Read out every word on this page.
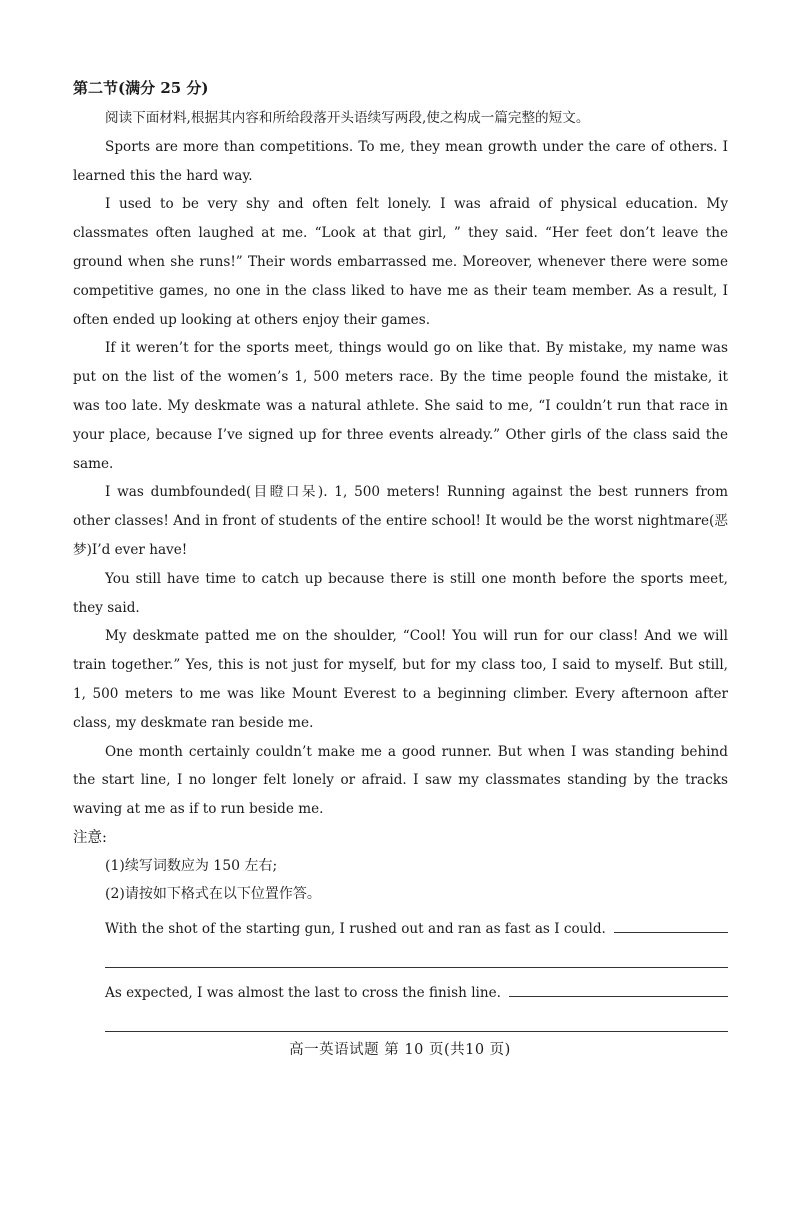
第二节(满分 25 分)

阅读下面材料,根据其内容和所给段落开头语续写两段,使之构成一篇完整的短文。

Sports are more than competitions. To me, they mean growth under the care of others. I learned this the hard way.

I used to be very shy and often felt lonely. I was afraid of physical education. My classmates often laughed at me. “Look at that girl, ” they said. “Her feet don’t leave the ground when she runs!” Their words embarrassed me. Moreover, whenever there were some competitive games, no one in the class liked to have me as their team member. As a result, I often ended up looking at others enjoy their games.

If it weren’t for the sports meet, things would go on like that. By mistake, my name was put on the list of the women’s 1, 500 meters race. By the time people found the mistake, it was too late. My deskmate was a natural athlete. She said to me, “I couldn’t run that race in your place, because I’ve signed up for three events already.” Other girls of the class said the same.

I was dumbfounded(目瞪口呆). 1, 500 meters! Running against the best runners from other classes! And in front of students of the entire school! It would be the worst nightmare(恶梦)I’d ever have!

You still have time to catch up because there is still one month before the sports meet, they said.

My deskmate patted me on the shoulder, “Cool! You will run for our class! And we will train together.” Yes, this is not just for myself, but for my class too, I said to myself. But still, 1, 500 meters to me was like Mount Everest to a beginning climber. Every afternoon after class, my deskmate ran beside me.

One month certainly couldn’t make me a good runner. But when I was standing behind the start line, I no longer felt lonely or afraid. I saw my classmates standing by the tracks waving at me as if to run beside me.

注意:

(1)续写词数应为 150 左右;

(2)请按如下格式在以下位置作答。

With the shot of the starting gun, I rushed out and ran as fast as I could.
As expected, I was almost the last to cross the finish line.
高一英语试题 第 10 页(共10 页)
